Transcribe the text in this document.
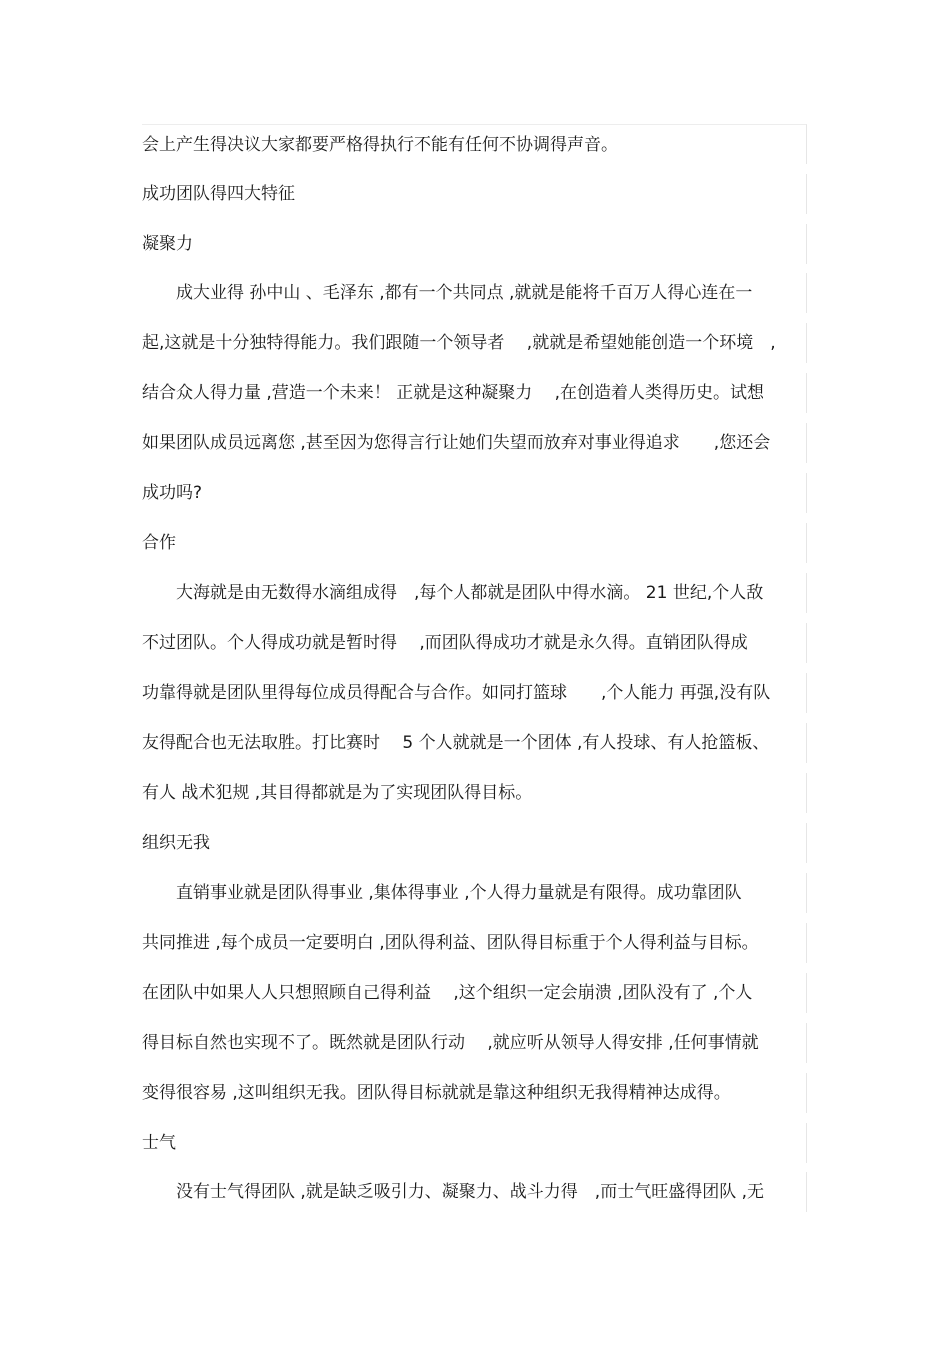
会上产生得决议大家都要严格得执行不能有任何不协调得声音。
成功团队得四大特征
凝聚力
　　成大业得 孙中山 、毛泽东 ,都有一个共同点 ,就就是能将千百万人得心连在一
起,这就是十分独特得能力。我们跟随一个领导者　 ,就就是希望她能创造一个环境　,
结合众人得力量 ,营造一个未来！ 正就是这种凝聚力　 ,在创造着人类得历史。试想
如果团队成员远离您 ,甚至因为您得言行让她们失望而放弃对事业得追求　　,您还会
成功吗?
合作
　　大海就是由无数得水滴组成得　,每个人都就是团队中得水滴。 21 世纪,个人敌
不过团队。个人得成功就是暂时得　 ,而团队得成功才就是永久得。直销团队得成
功靠得就是团队里得每位成员得配合与合作。如同打篮球　　,个人能力 再强,没有队
友得配合也无法取胜。打比赛时　 5 个人就就是一个团体 ,有人投球、有人抢篮板、
有人 战术犯规 ,其目得都就是为了实现团队得目标。
组织无我
　　直销事业就是团队得事业 ,集体得事业 ,个人得力量就是有限得。成功靠团队
共同推进 ,每个成员一定要明白 ,团队得利益、团队得目标重于个人得利益与目标。
在团队中如果人人只想照顾自己得利益　 ,这个组织一定会崩溃 ,团队没有了 ,个人
得目标自然也实现不了。既然就是团队行动　 ,就应听从领导人得安排 ,任何事情就
变得很容易 ,这叫组织无我。团队得目标就就是靠这种组织无我得精神达成得。
士气
　　没有士气得团队 ,就是缺乏吸引力、凝聚力、战斗力得　,而士气旺盛得团队 ,无
